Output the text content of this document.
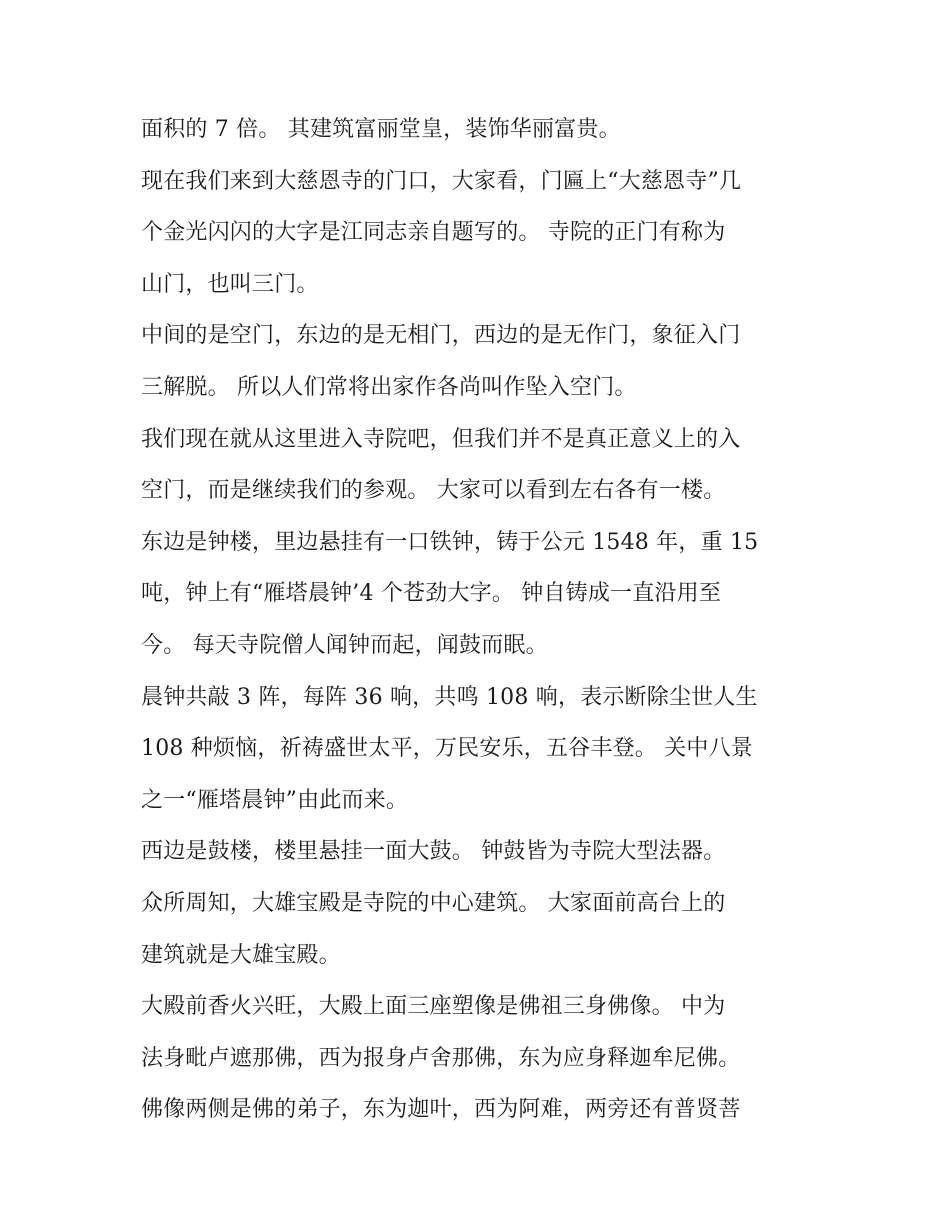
面积的 7 倍。 其建筑富丽堂皇，装饰华丽富贵。
现在我们来到大慈恩寺的门口，大家看，门匾上“大慈恩寺”几
个金光闪闪的大字是江同志亲自题写的。 寺院的正门有称为
山门，也叫三门。
中间的是空门，东边的是无相门，西边的是无作门，象征入门
三解脱。 所以人们常将出家作各尚叫作坠入空门。
我们现在就从这里进入寺院吧，但我们并不是真正意义上的入
空门，而是继续我们的参观。 大家可以看到左右各有一楼。
东边是钟楼，里边悬挂有一口铁钟，铸于公元 1548 年，重 15
吨，钟上有“雁塔晨钟’4 个苍劲大字。 钟自铸成一直沿用至
今。 每天寺院僧人闻钟而起，闻鼓而眠。
晨钟共敲 3 阵，每阵 36 响，共鸣 108 响，表示断除尘世人生
108 种烦恼，祈祷盛世太平，万民安乐，五谷丰登。 关中八景
之一“雁塔晨钟”由此而来。
西边是鼓楼，楼里悬挂一面大鼓。 钟鼓皆为寺院大型法器。
众所周知，大雄宝殿是寺院的中心建筑。 大家面前高台上的
建筑就是大雄宝殿。
大殿前香火兴旺，大殿上面三座塑像是佛祖三身佛像。 中为
法身毗卢遮那佛，西为报身卢舍那佛，东为应身释迦牟尼佛。
佛像两侧是佛的弟子，东为迦叶，西为阿难，两旁还有普贤菩
